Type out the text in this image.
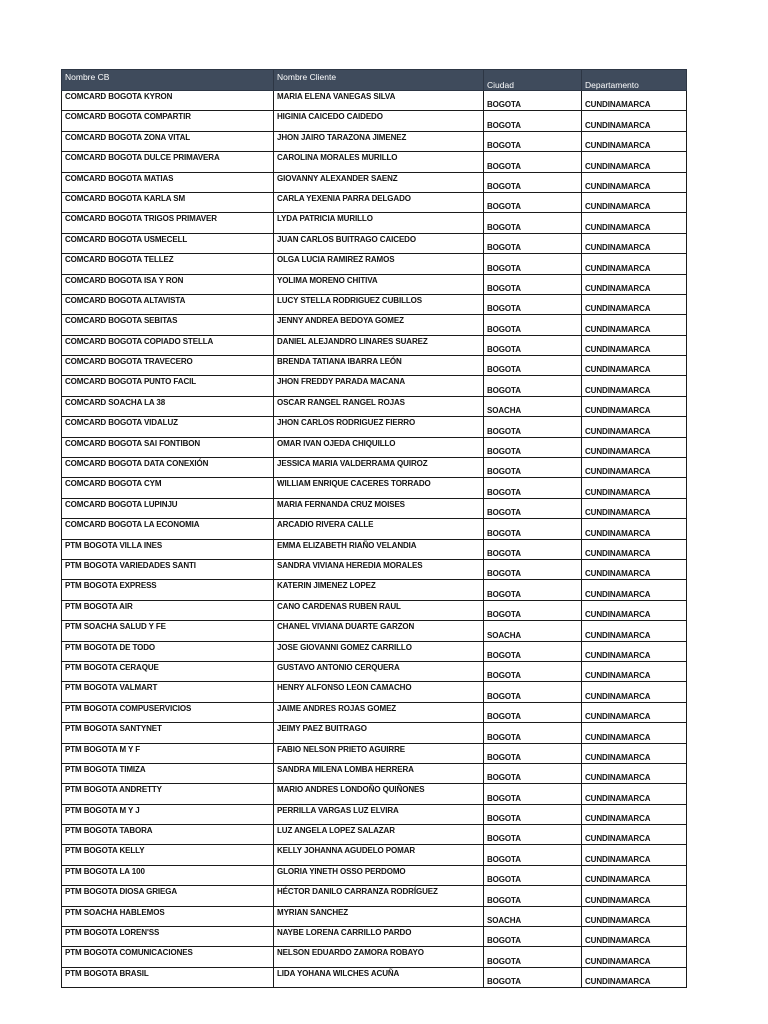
Nombre CB	Nombre Cliente	Ciudad	Departamento
COMCARD BOGOTA KYRON	MARIA ELENA VANEGAS SILVA	BOGOTA	CUNDINAMARCA
COMCARD BOGOTA COMPARTIR	HIGINIA CAICEDO CAIDEDO	BOGOTA	CUNDINAMARCA
COMCARD BOGOTA ZONA VITAL	JHON JAIRO TARAZONA JIMENEZ	BOGOTA	CUNDINAMARCA
COMCARD BOGOTA DULCE PRIMAVERA	CAROLINA MORALES MURILLO	BOGOTA	CUNDINAMARCA
COMCARD BOGOTA MATIAS	GIOVANNY ALEXANDER SAENZ	BOGOTA	CUNDINAMARCA
COMCARD BOGOTA KARLA SM	CARLA YEXENIA PARRA DELGADO	BOGOTA	CUNDINAMARCA
COMCARD BOGOTA TRIGOS PRIMAVER	LYDA PATRICIA MURILLO	BOGOTA	CUNDINAMARCA
COMCARD BOGOTA USMECELL	JUAN CARLOS BUITRAGO CAICEDO	BOGOTA	CUNDINAMARCA
COMCARD BOGOTA TELLEZ	OLGA LUCIA RAMIREZ RAMOS	BOGOTA	CUNDINAMARCA
COMCARD BOGOTA ISA Y RON	YOLIMA MORENO CHITIVA	BOGOTA	CUNDINAMARCA
COMCARD BOGOTA ALTAVISTA	LUCY STELLA RODRIGUEZ CUBILLOS	BOGOTA	CUNDINAMARCA
COMCARD BOGOTA SEBITAS	JENNY ANDREA BEDOYA GOMEZ	BOGOTA	CUNDINAMARCA
COMCARD BOGOTA COPIADO STELLA	DANIEL ALEJANDRO LINARES SUAREZ	BOGOTA	CUNDINAMARCA
COMCARD BOGOTA TRAVECERO	BRENDA TATIANA IBARRA LEÓN	BOGOTA	CUNDINAMARCA
COMCARD BOGOTA PUNTO FACIL	JHON FREDDY PARADA MACANA	BOGOTA	CUNDINAMARCA
COMCARD SOACHA LA 38	OSCAR RANGEL RANGEL ROJAS	SOACHA	CUNDINAMARCA
COMCARD BOGOTA VIDALUZ	JHON CARLOS RODRIGUEZ FIERRO	BOGOTA	CUNDINAMARCA
COMCARD BOGOTA SAI FONTIBON	OMAR IVAN OJEDA CHIQUILLO	BOGOTA	CUNDINAMARCA
COMCARD BOGOTA DATA CONEXIÓN	JESSICA MARIA VALDERRAMA QUIROZ	BOGOTA	CUNDINAMARCA
COMCARD BOGOTA CYM	WILLIAM ENRIQUE CACERES TORRADO	BOGOTA	CUNDINAMARCA
COMCARD BOGOTA LUPINJU	MARIA FERNANDA CRUZ MOISES	BOGOTA	CUNDINAMARCA
COMCARD BOGOTA LA ECONOMIA	ARCADIO RIVERA CALLE	BOGOTA	CUNDINAMARCA
PTM BOGOTA VILLA INES	EMMA ELIZABETH RIAÑO VELANDIA	BOGOTA	CUNDINAMARCA
PTM BOGOTA VARIEDADES SANTI	SANDRA VIVIANA HEREDIA MORALES	BOGOTA	CUNDINAMARCA
PTM BOGOTA EXPRESS	KATERIN JIMENEZ LOPEZ	BOGOTA	CUNDINAMARCA
PTM BOGOTA AIR	CANO CARDENAS RUBEN RAUL	BOGOTA	CUNDINAMARCA
PTM SOACHA SALUD Y FE	CHANEL VIVIANA DUARTE GARZON	SOACHA	CUNDINAMARCA
PTM BOGOTA DE TODO	JOSE GIOVANNI GOMEZ CARRILLO	BOGOTA	CUNDINAMARCA
PTM BOGOTA CERAQUE	GUSTAVO ANTONIO CERQUERA	BOGOTA	CUNDINAMARCA
PTM BOGOTA VALMART	HENRY ALFONSO LEON CAMACHO	BOGOTA	CUNDINAMARCA
PTM BOGOTA COMPUSERVICIOS	JAIME ANDRES ROJAS GOMEZ	BOGOTA	CUNDINAMARCA
PTM BOGOTA SANTYNET	JEIMY PAEZ BUITRAGO	BOGOTA	CUNDINAMARCA
PTM BOGOTA M Y F	FABIO NELSON PRIETO AGUIRRE	BOGOTA	CUNDINAMARCA
PTM BOGOTA TIMIZA	SANDRA MILENA LOMBA HERRERA	BOGOTA	CUNDINAMARCA
PTM BOGOTA ANDRETTY	MARIO ANDRES LONDOÑO QUIÑONES	BOGOTA	CUNDINAMARCA
PTM BOGOTA M Y J	PERRILLA VARGAS LUZ ELVIRA	BOGOTA	CUNDINAMARCA
PTM BOGOTA TABORA	LUZ ANGELA LOPEZ SALAZAR	BOGOTA	CUNDINAMARCA
PTM BOGOTA KELLY	KELLY JOHANNA AGUDELO POMAR	BOGOTA	CUNDINAMARCA
PTM BOGOTA LA 100	GLORIA YINETH OSSO PERDOMO	BOGOTA	CUNDINAMARCA
PTM BOGOTA DIOSA GRIEGA	HÉCTOR DANILO CARRANZA RODRÍGUEZ	BOGOTA	CUNDINAMARCA
PTM SOACHA HABLEMOS	MYRIAN SANCHEZ	SOACHA	CUNDINAMARCA
PTM BOGOTA LOREN'SS	NAYBE LORENA CARRILLO PARDO	BOGOTA	CUNDINAMARCA
PTM BOGOTA COMUNICACIONES	NELSON EDUARDO ZAMORA ROBAYO	BOGOTA	CUNDINAMARCA
PTM BOGOTA BRASIL	LIDA YOHANA WILCHES ACUÑA	BOGOTA	CUNDINAMARCA
